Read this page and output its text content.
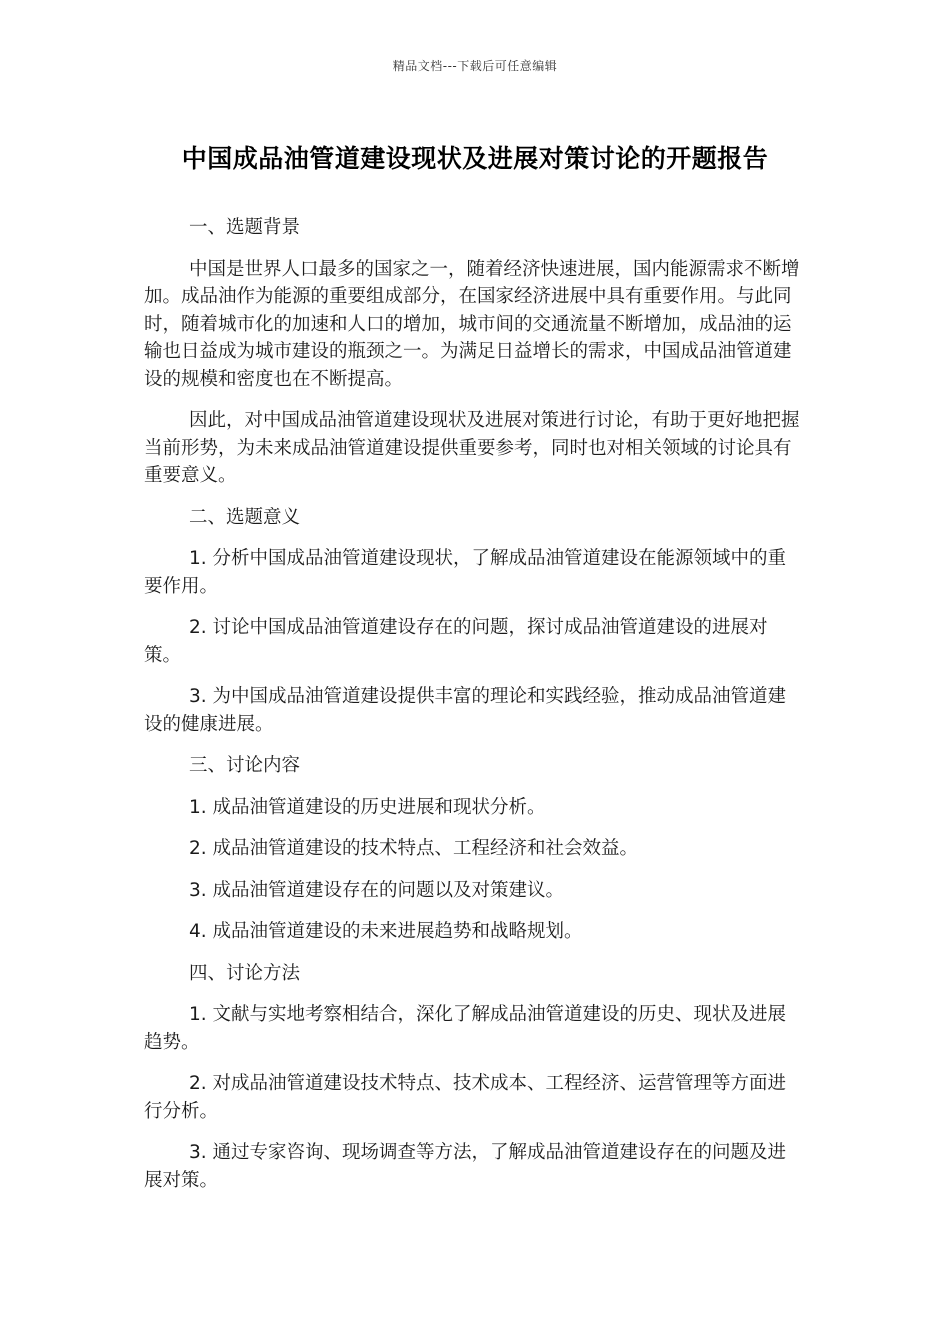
精品文档---下载后可任意编辑
中国成品油管道建设现状及进展对策讨论的开题报告

一、选题背景

中国是世界人口最多的国家之一，随着经济快速进展，国内能源需求不断增加。成品油作为能源的重要组成部分，在国家经济进展中具有重要作用。与此同时，随着城市化的加速和人口的增加，城市间的交通流量不断增加，成品油的运输也日益成为城市建设的瓶颈之一。为满足日益增长的需求，中国成品油管道建设的规模和密度也在不断提高。

因此，对中国成品油管道建设现状及进展对策进行讨论，有助于更好地把握当前形势，为未来成品油管道建设提供重要参考，同时也对相关领域的讨论具有重要意义。

二、选题意义

1. 分析中国成品油管道建设现状，了解成品油管道建设在能源领域中的重要作用。

2. 讨论中国成品油管道建设存在的问题，探讨成品油管道建设的进展对策。

3. 为中国成品油管道建设提供丰富的理论和实践经验，推动成品油管道建设的健康进展。

三、讨论内容

1. 成品油管道建设的历史进展和现状分析。

2. 成品油管道建设的技术特点、工程经济和社会效益。

3. 成品油管道建设存在的问题以及对策建议。

4. 成品油管道建设的未来进展趋势和战略规划。

四、讨论方法

1. 文献与实地考察相结合，深化了解成品油管道建设的历史、现状及进展趋势。

2. 对成品油管道建设技术特点、技术成本、工程经济、运营管理等方面进行分析。

3. 通过专家咨询、现场调查等方法，了解成品油管道建设存在的问题及进展对策。
